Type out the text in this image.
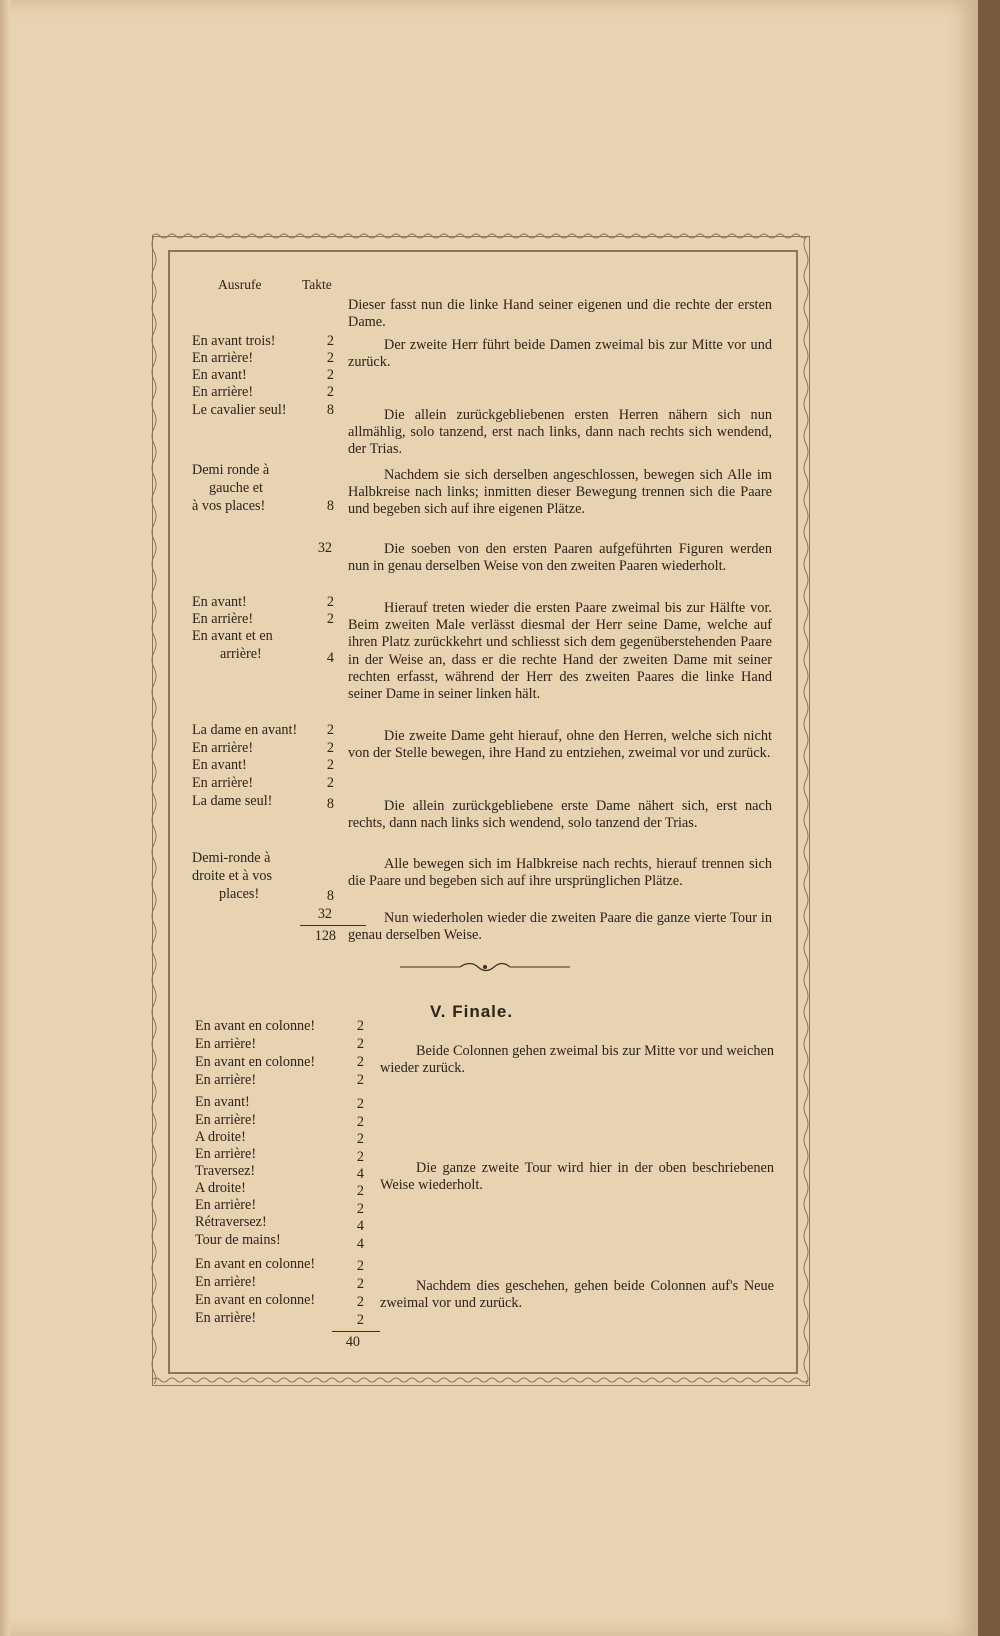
Ausrufe	Takte
En avant trois!	2
En arrière!	2
En avant!	2
En arrière!	2
Le cavalier seul!	8
Demi ronde à
gauche et
à vos places!	8
32
En avant!	2
En arrière!	2
En avant et en
arrière!	4
La dame en avant!	2
En arrière!	2
En avant!	2
En arrière!	2
La dame seul!	8
Demi-ronde à
droite et à vos
places!	8
32
128
Dieser fasst nun die linke Hand seiner eigenen und die rechte der ersten Dame.
Der zweite Herr führt beide Damen zweimal bis zur Mitte vor und zurück.
Die allein zurückgebliebenen ersten Herren nähern sich nun allmählig, solo tanzend, erst nach links, dann nach rechts sich wendend, der Trias.
Nachdem sie sich derselben angeschlossen, bewegen sich Alle im Halbkreise nach links; inmitten dieser Bewegung trennen sich die Paare und begeben sich auf ihre eigenen Plätze.
Die soeben von den ersten Paaren aufgeführten Figuren werden nun in genau derselben Weise von den zweiten Paaren wiederholt.
Hierauf treten wieder die ersten Paare zweimal bis zur Hälfte vor. Beim zweiten Male verlässt diesmal der Herr seine Dame, welche auf ihren Platz zurückkehrt und schliesst sich dem gegenüberstehenden Paare in der Weise an, dass er die rechte Hand der zweiten Dame mit seiner rechten erfasst, während der Herr des zweiten Paares die linke Hand seiner Dame in seiner linken hält.
Die zweite Dame geht hierauf, ohne den Herren, welche sich nicht von der Stelle bewegen, ihre Hand zu entziehen, zweimal vor und zurück.
Die allein zurückgebliebene erste Dame nähert sich, erst nach rechts, dann nach links sich wendend, solo tanzend der Trias.
Alle bewegen sich im Halbkreise nach rechts, hierauf trennen sich die Paare und begeben sich auf ihre ursprünglichen Plätze.
Nun wiederholen wieder die zweiten Paare die ganze vierte Tour in genau derselben Weise.
V. Finale.
En avant en colonne!	2
En arrière!	2
En avant en colonne!	2
En arrière!	2
En avant!	2
En arrière!	2
A droite!	2
En arrière!	2
Traversez!	4
A droite!	2
En arrière!	2
Rétraversez!	4
Tour de mains!	4
En avant en colonne!	2
En arrière!	2
En avant en colonne!	2
En arrière!	2
40
Beide Colonnen gehen zweimal bis zur Mitte vor und weichen wieder zurück.
Die ganze zweite Tour wird hier in der oben beschriebenen Weise wiederholt.
Nachdem dies geschehen, gehen beide Colonnen auf's Neue zweimal vor und zurück.
